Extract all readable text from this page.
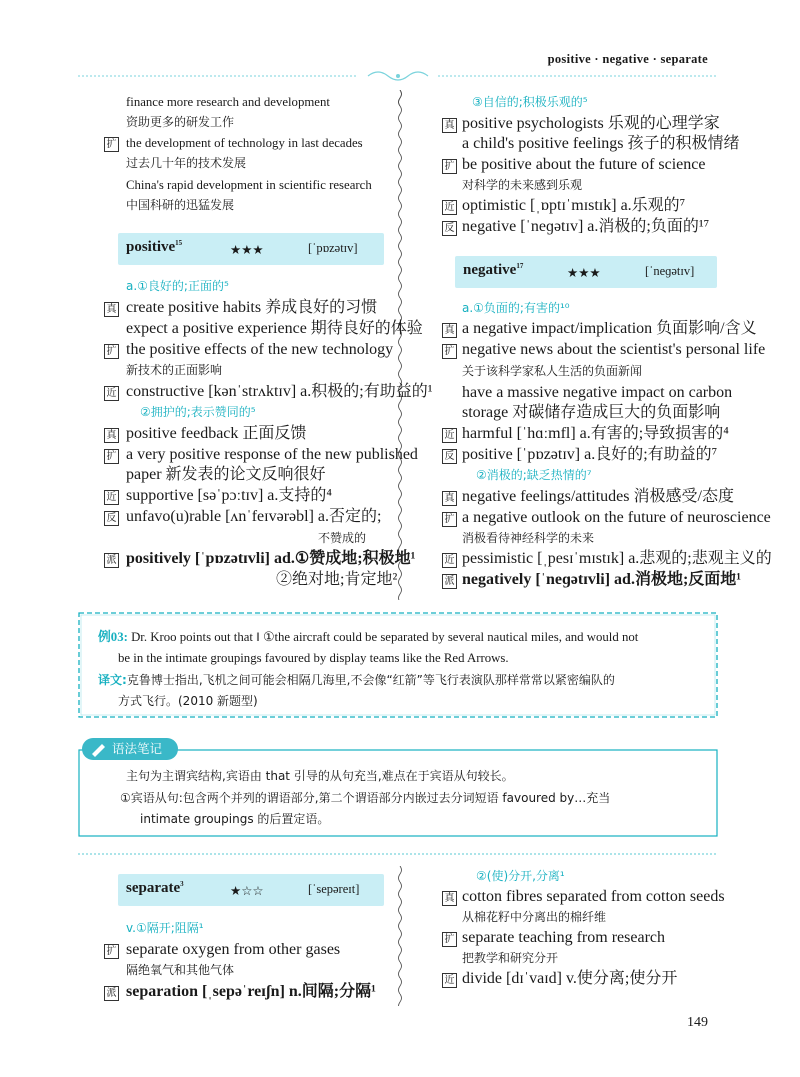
positive · negative · separate
finance more research and development
资助更多的研发工作
扩 the development of technology in last decades
过去几十年的技术发展
China's rapid development in scientific research
中国科研的迅猛发展
positive$^{15}$	★★★	[ˈpɒzətɪv]
a.①良好的;正面的⁵
真 create positive habits 养成良好的习惯
expect a positive experience 期待良好的体验
扩 the positive effects of the new technology
新技术的正面影响
近 constructive [kənˈstrʌktɪv] a.积极的;有助益的¹
②拥护的;表示赞同的⁵
真 positive feedback 正面反馈
扩 a very positive response of the new published
paper 新发表的论文反响很好
近 supportive [səˈpɔːtɪv] a.支持的⁴
反 unfavo(u)rable [ʌnˈfeɪvərəbl] a.否定的;
不赞成的
派 positively [ˈpɒzətɪvli] ad.①赞成地;积极地¹
②绝对地;肯定地²
③自信的;积极乐观的⁵
真 positive psychologists 乐观的心理学家
a child's positive feelings 孩子的积极情绪
扩 be positive about the future of science
对科学的未来感到乐观
近 optimistic [ˌɒptɪˈmɪstɪk] a.乐观的⁷
反 negative [ˈneɡətɪv] a.消极的;负面的¹⁷
negative$^{17}$	★★★	[ˈneɡətɪv]
a.①负面的;有害的¹⁰
真 a negative impact/implication 负面影响/含义
扩 negative news about the scientist's personal life
关于该科学家私人生活的负面新闻
have a massive negative impact on carbon
storage 对碳储存造成巨大的负面影响
近 harmful [ˈhɑːmfl] a.有害的;导致损害的⁴
反 positive [ˈpɒzətɪv] a.良好的;有助益的⁷
②消极的;缺乏热情的⁷
真 negative feelings/attitudes 消极感受/态度
扩 a negative outlook on the future of neuroscience
消极看待神经科学的未来
近 pessimistic [ˌpesɪˈmɪstɪk] a.悲观的;悲观主义的
派 negatively [ˈneɡətɪvli] ad.消极地;反面地¹
例03: Dr. Kroo points out that ‖ ①the aircraft could be separated by several nautical miles, and would not
be in the intimate groupings favoured by display teams like the Red Arrows.
译文:克鲁博士指出,飞机之间可能会相隔几海里,不会像“红箭”等飞行表演队那样常常以紧密编队的
方式飞行。(2010 新题型)
语法笔记
主句为主谓宾结构,宾语由 that 引导的从句充当,难点在于宾语从句较长。
①宾语从句:包含两个并列的谓语部分,第二个谓语部分内嵌过去分词短语 favoured by…充当
intimate groupings 的后置定语。
separate$^3$	★☆☆	[ˈsepəreɪt]
v.①隔开;阻隔¹
扩 separate oxygen from other gases
隔绝氧气和其他气体
派 separation [ˌsepəˈreɪʃn] n.间隔;分隔¹
②(使)分开,分离¹
真 cotton fibres separated from cotton seeds
从棉花籽中分离出的棉纤维
扩 separate teaching from research
把教学和研究分开
近 divide [dɪˈvaɪd] v.使分离;使分开
149
